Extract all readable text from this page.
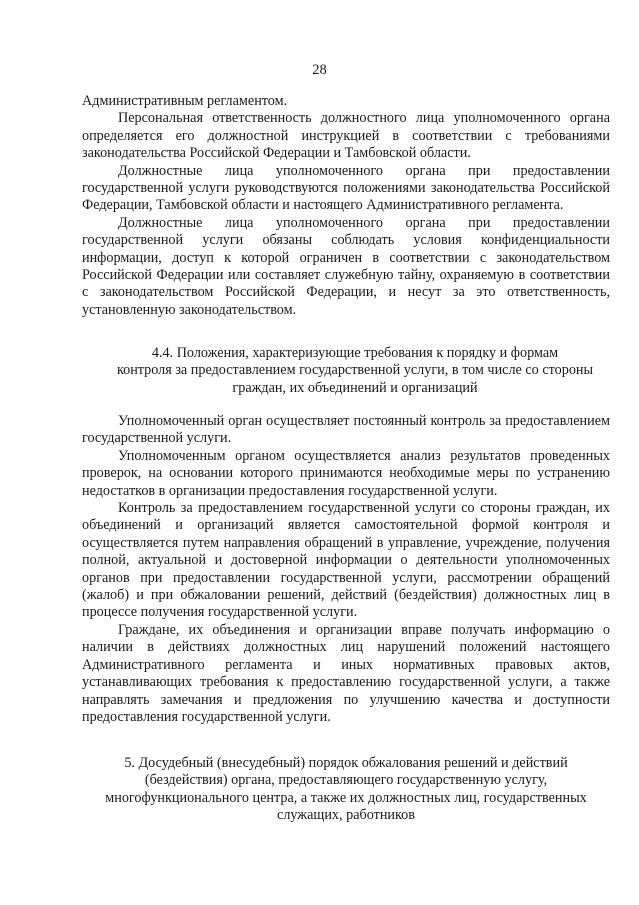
28

Административным регламентом.

Персональная ответственность должностного лица уполномоченного органа определяется его должностной инструкцией в соответствии с требованиями законодательства Российской Федерации и Тамбовской области.

Должностные лица уполномоченного органа при предоставлении государственной услуги руководствуются положениями законодательства Российской Федерации, Тамбовской области и настоящего Административного регламента.

Должностные лица уполномоченного органа при предоставлении государственной услуги обязаны соблюдать условия конфиденциальности информации, доступ к которой ограничен в соответствии с законодательством Российской Федерации или составляет служебную тайну, охраняемую в соответствии с законодательством Российской Федерации, и несут за это ответственность, установленную законодательством.

4.4. Положения, характеризующие требования к порядку и формам
контроля за предоставлением государственной услуги, в том числе со стороны
граждан, их объединений и организаций

Уполномоченный орган осуществляет постоянный контроль за предоставлением государственной услуги.

Уполномоченным органом осуществляется анализ результатов проведенных проверок, на основании которого принимаются необходимые меры по устранению недостатков в организации предоставления государственной услуги.

Контроль за предоставлением государственной услуги со стороны граждан, их объединений и организаций является самостоятельной формой контроля и осуществляется путем направления обращений в управление, учреждение, получения полной, актуальной и достоверной информации о деятельности уполномоченных органов при предоставлении государственной услуги, рассмотрении обращений (жалоб) и при обжаловании решений, действий (бездействия) должностных лиц в процессе получения государственной услуги.

Граждане, их объединения и организации вправе получать информацию о наличии в действиях должностных лиц нарушений положений настоящего Административного регламента и иных нормативных правовых актов, устанавливающих требования к предоставлению государственной услуги, а также направлять замечания и предложения по улучшению качества и доступности предоставления государственной услуги.

5. Досудебный (внесудебный) порядок обжалования решений и действий
(бездействия) органа, предоставляющего государственную услугу,
многофункционального центра, а также их должностных лиц, государственных
служащих, работников
